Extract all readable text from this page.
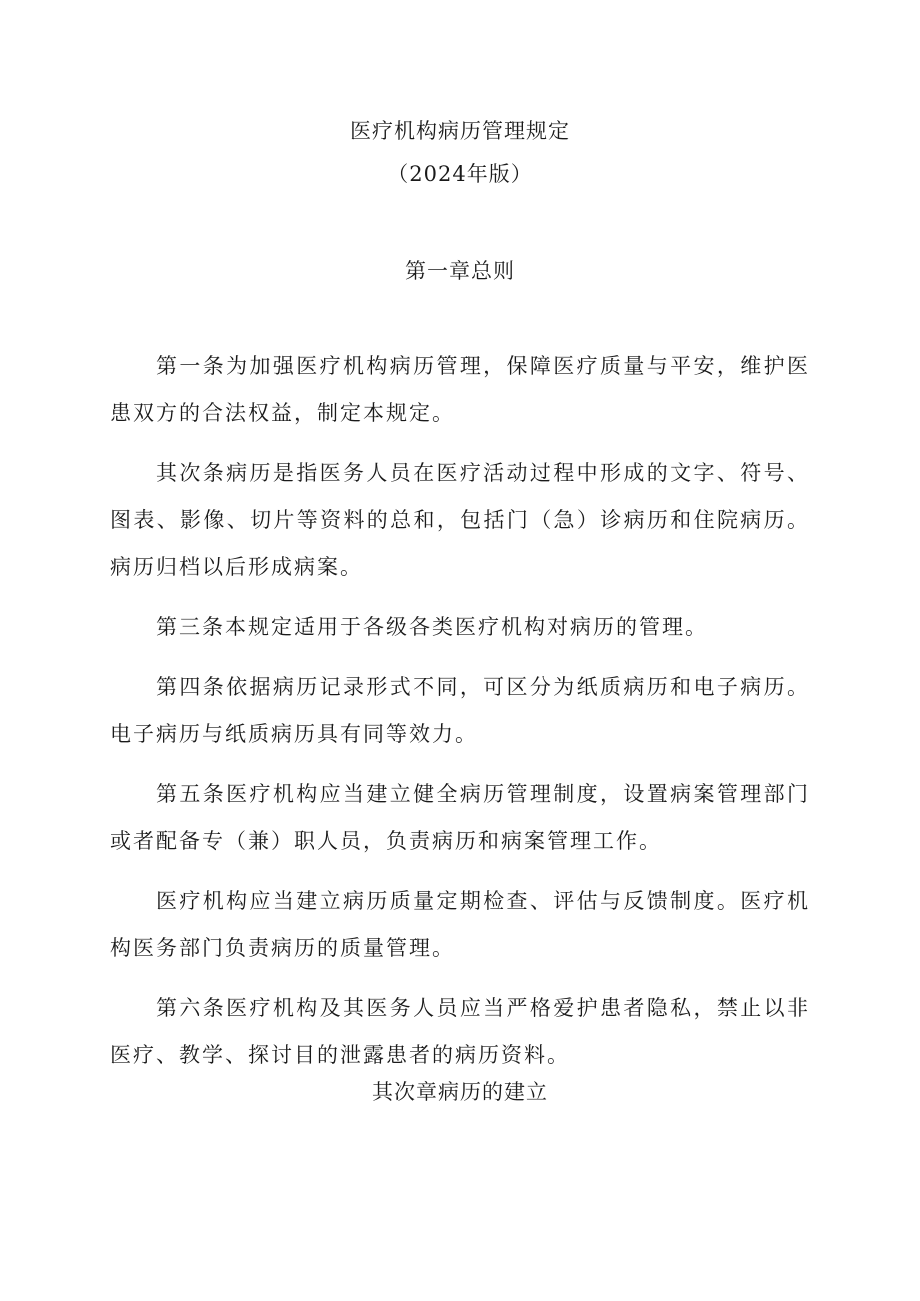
医疗机构病历管理规定
（2024年版）
第一章总则

第一条为加强医疗机构病历管理，保障医疗质量与平安，维护医患双方的合法权益，制定本规定。

其次条病历是指医务人员在医疗活动过程中形成的文字、符号、图表、影像、切片等资料的总和，包括门（急）诊病历和住院病历。病历归档以后形成病案。

第三条本规定适用于各级各类医疗机构对病历的管理。

第四条依据病历记录形式不同，可区分为纸质病历和电子病历。电子病历与纸质病历具有同等效力。

第五条医疗机构应当建立健全病历管理制度，设置病案管理部门或者配备专（兼）职人员，负责病历和病案管理工作。

医疗机构应当建立病历质量定期检查、评估与反馈制度。医疗机构医务部门负责病历的质量管理。

第六条医疗机构及其医务人员应当严格爱护患者隐私，禁止以非医疗、教学、探讨目的泄露患者的病历资料。

其次章病历的建立
